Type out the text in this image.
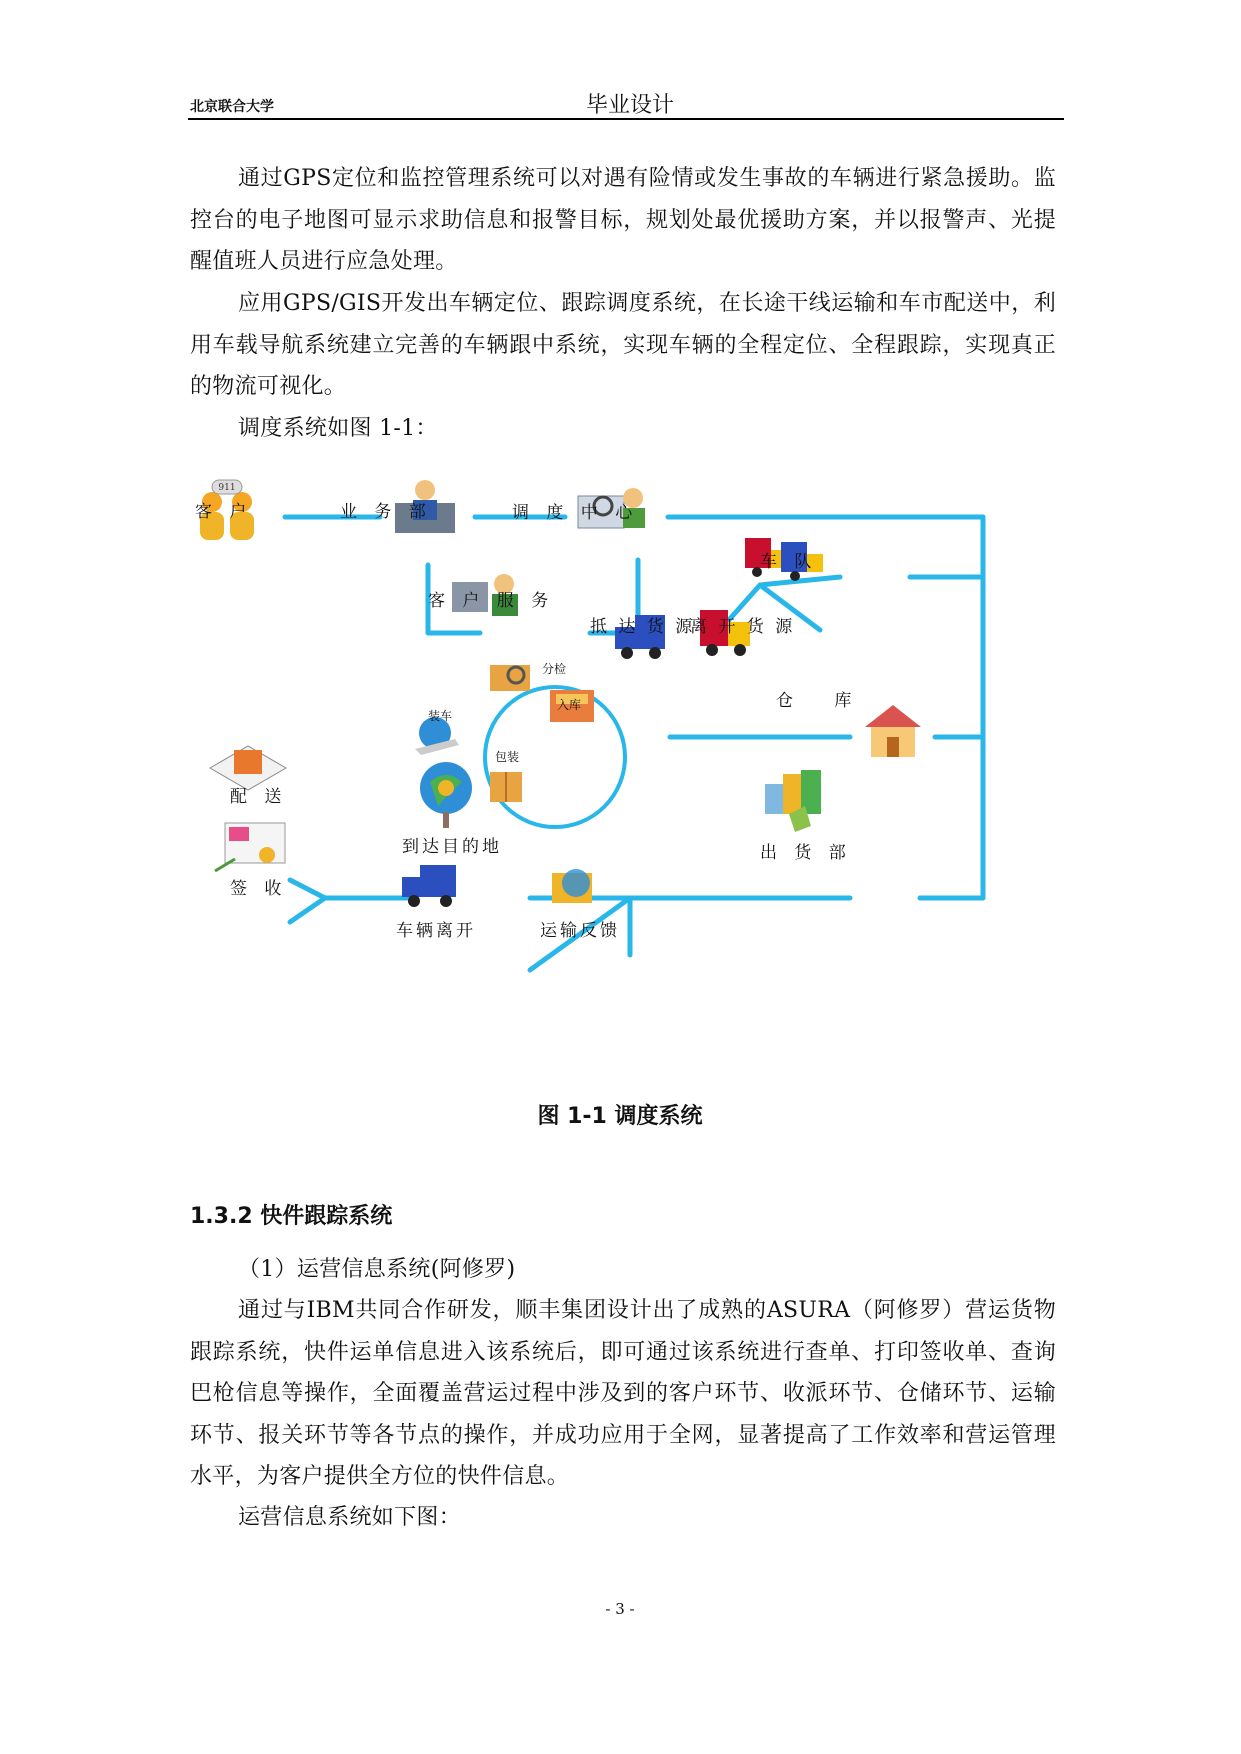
北京联合大学	毕业设计
通过GPS定位和监控管理系统可以对遇有险情或发生事故的车辆进行紧急援助。监控台的电子地图可显示求助信息和报警目标，规划处最优援助方案，并以报警声、光提醒值班人员进行应急处理。
应用GPS/GIS开发出车辆定位、跟踪调度系统，在长途干线运输和车市配送中，利用车载导航系统建立完善的车辆跟中系统，实现车辆的全程定位、全程跟踪，实现真正的物流可视化。
调度系统如图 1-1：
911
客 户	业 务 部	调 度 中 心
车 队
客 户 服 务
抵 达 货 源
离 开 货 源
分检
装车
入库
包装
仓 库
配 送
签 收
到达目的地	出 货 部
车辆离开	运输反馈
图 1-1 调度系统
1.3.2 快件跟踪系统
（1）运营信息系统(阿修罗)
通过与IBM共同合作研发，顺丰集团设计出了成熟的ASURA（阿修罗）营运货物跟踪系统，快件运单信息进入该系统后，即可通过该系统进行查单、打印签收单、查询巴枪信息等操作，全面覆盖营运过程中涉及到的客户环节、收派环节、仓储环节、运输环节、报关环节等各节点的操作，并成功应用于全网，显著提高了工作效率和营运管理水平，为客户提供全方位的快件信息。
运营信息系统如下图：
- 3 -
